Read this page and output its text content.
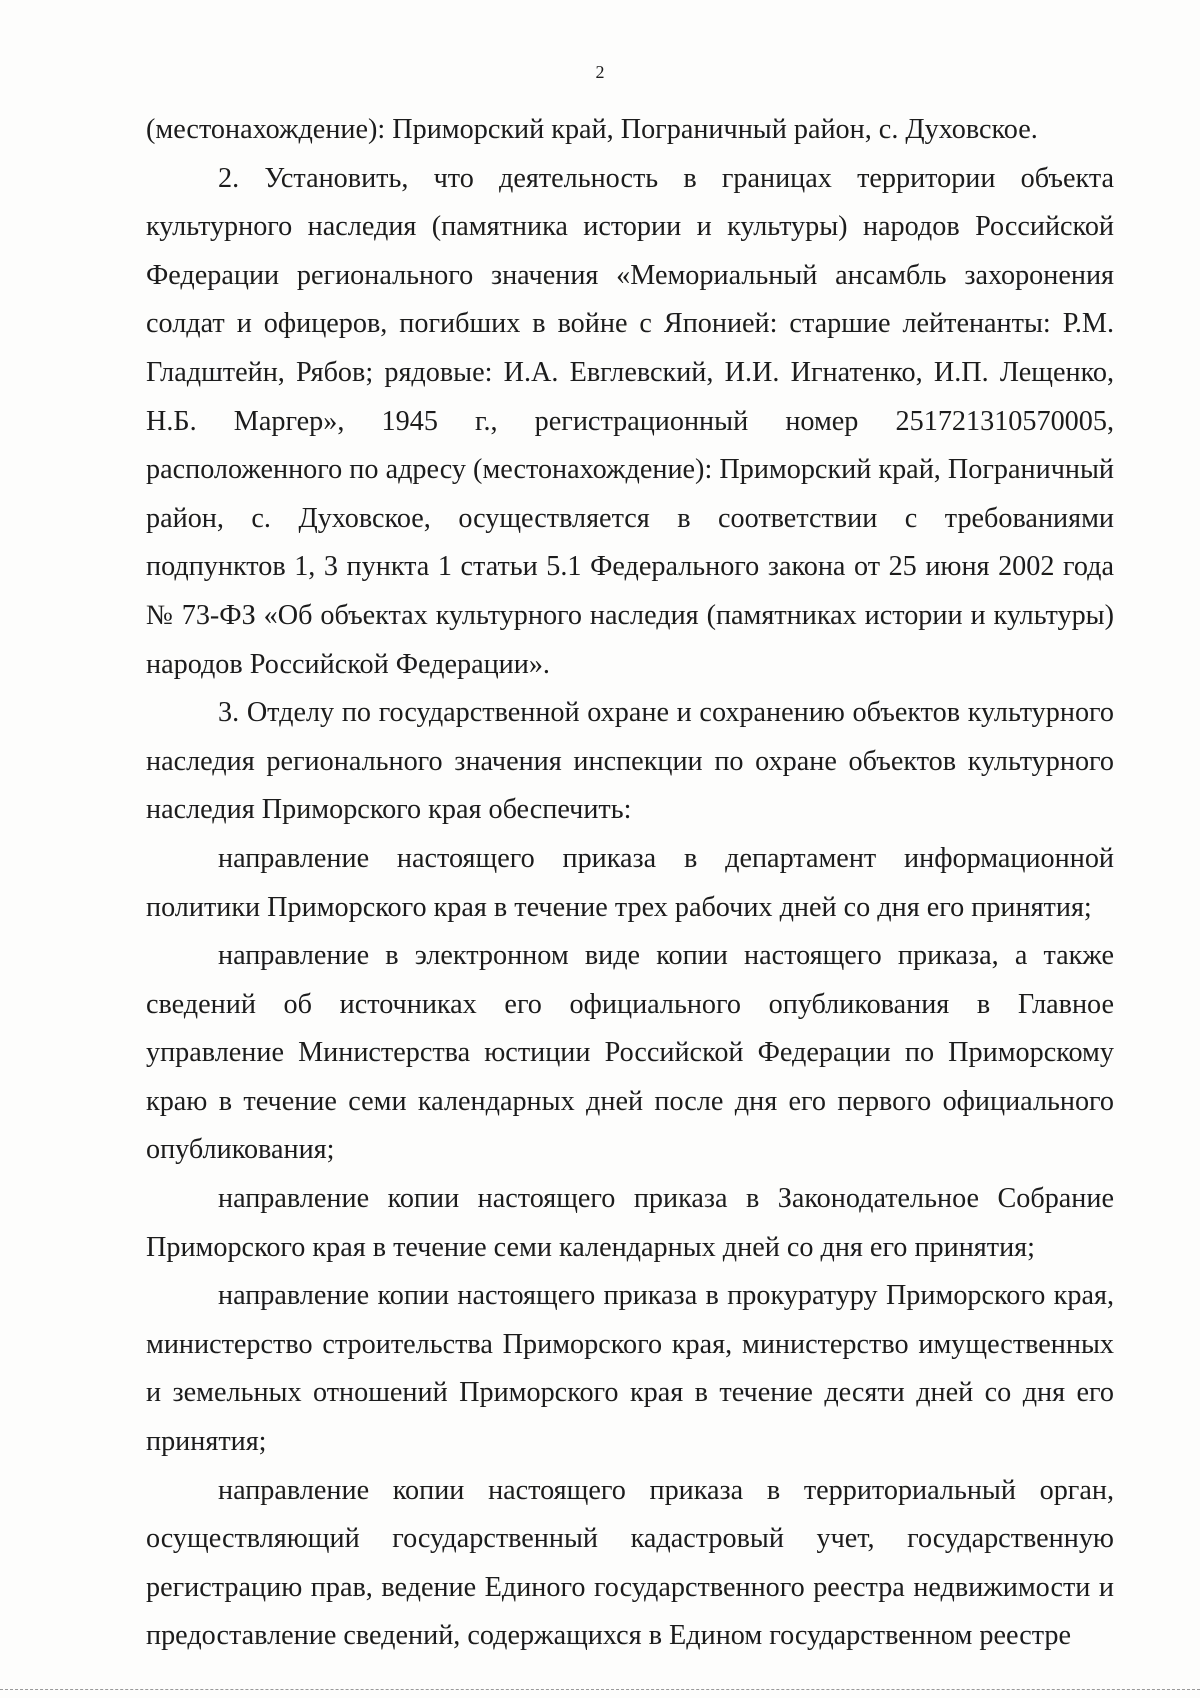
2

(местонахождение): Приморский край, Пограничный район, с. Духовское.

2. Установить, что деятельность в границах территории объекта культурного наследия (памятника истории и культуры) народов Российской Федерации регионального значения «Мемориальный ансамбль захоронения солдат и офицеров, погибших в войне с Японией: старшие лейтенанты: Р.М. Гладштейн, Рябов; рядовые: И.А. Евглевский, И.И. Игнатенко, И.П. Лещенко, Н.Б. Маргер», 1945 г., регистрационный номер 251721310570005, расположенного по адресу (местонахождение): Приморский край, Пограничный район, с. Духовское, осуществляется в соответствии с требованиями подпунктов 1, 3 пункта 1 статьи 5.1 Федерального закона от 25 июня 2002 года № 73-ФЗ «Об объектах культурного наследия (памятниках истории и культуры) народов Российской Федерации».

3. Отделу по государственной охране и сохранению объектов культурного наследия регионального значения инспекции по охране объектов культурного наследия Приморского края обеспечить:

направление настоящего приказа в департамент информационной политики Приморского края в течение трех рабочих дней со дня его принятия;

направление в электронном виде копии настоящего приказа, а также сведений об источниках его официального опубликования в Главное управление Министерства юстиции Российской Федерации по Приморскому краю в течение семи календарных дней после дня его первого официального опубликования;

направление копии настоящего приказа в Законодательное Собрание Приморского края в течение семи календарных дней со дня его принятия;

направление копии настоящего приказа в прокуратуру Приморского края, министерство строительства Приморского края, министерство имущественных и земельных отношений Приморского края в течение десяти дней со дня его принятия;

направление копии настоящего приказа в территориальный орган, осуществляющий государственный кадастровый учет, государственную регистрацию прав, ведение Единого государственного реестра недвижимости и предоставление сведений, содержащихся в Едином государственном реестре
